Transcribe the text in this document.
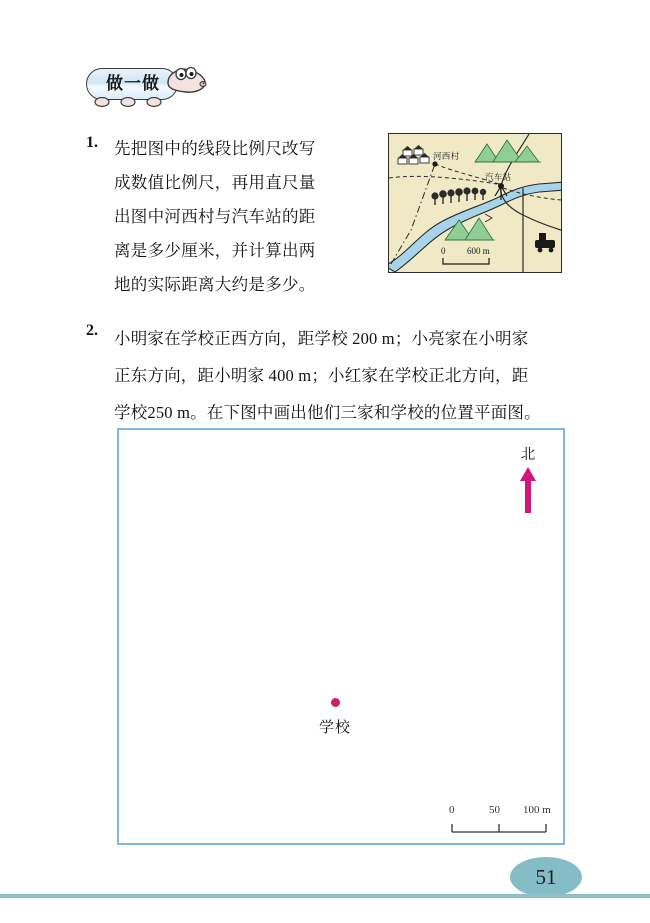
做一做
1. 先把图中的线段比例尺改写
成数值比例尺，再用直尺量
出图中河西村与汽车站的距
离是多少厘米，并计算出两
地的实际距离大约是多少。
河西村
汽车站
0 600 m
2. 小明家在学校正西方向，距学校 200 m；小亮家在小明家
正东方向，距小明家 400 m；小红家在学校正北方向，距
学校250 m。在下图中画出他们三家和学校的位置平面图。
北
学校
0	50 100 m
51
